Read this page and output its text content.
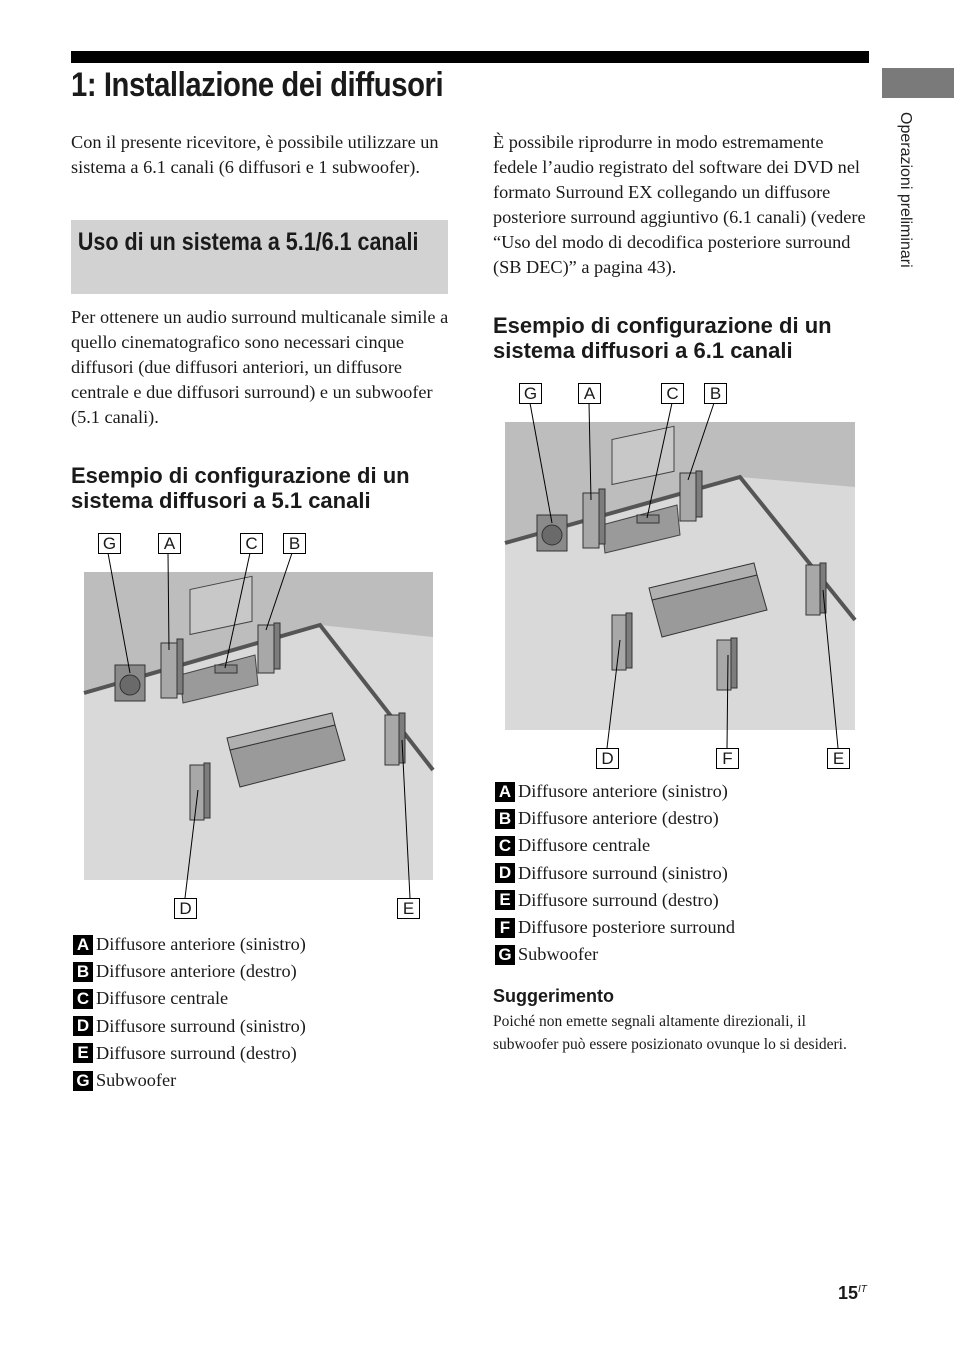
1: Installazione dei diffusori
Operazioni preliminari

Con il presente ricevitore, è possibile utilizzare un sistema a 6.1 canali (6 diffusori e 1 subwoofer).

Uso di un sistema a 5.1/6.1 canali

Per ottenere un audio surround multicanale simile a quello cinematografico sono necessari cinque diffusori (due diffusori anteriori, un diffusore centrale e due diffusori surround) e un subwoofer (5.1 canali).

Esempio di configurazione di un sistema diffusori a 5.1 canali
G	A	C	B
D	E
A Diffusore anteriore (sinistro)
B Diffusore anteriore (destro)
C Diffusore centrale
D Diffusore surround (sinistro)
E Diffusore surround (destro)
G Subwoofer

È possibile riprodurre in modo estremamente fedele l’audio registrato del software dei DVD nel formato Surround EX collegando un diffusore posteriore surround aggiuntivo (6.1 canali) (vedere “Uso del modo di decodifica posteriore surround (SB DEC)” a pagina 43).

Esempio di configurazione di un sistema diffusori a 6.1 canali
G	A	C	B
D	F	E
A Diffusore anteriore (sinistro)
B Diffusore anteriore (destro)
C Diffusore centrale
D Diffusore surround (sinistro)
E Diffusore surround (destro)
F Diffusore posteriore surround
G Subwoofer
Suggerimento

Poiché non emette segnali altamente direzionali, il subwoofer può essere posizionato ovunque lo si desideri.

$15^{IT}$
